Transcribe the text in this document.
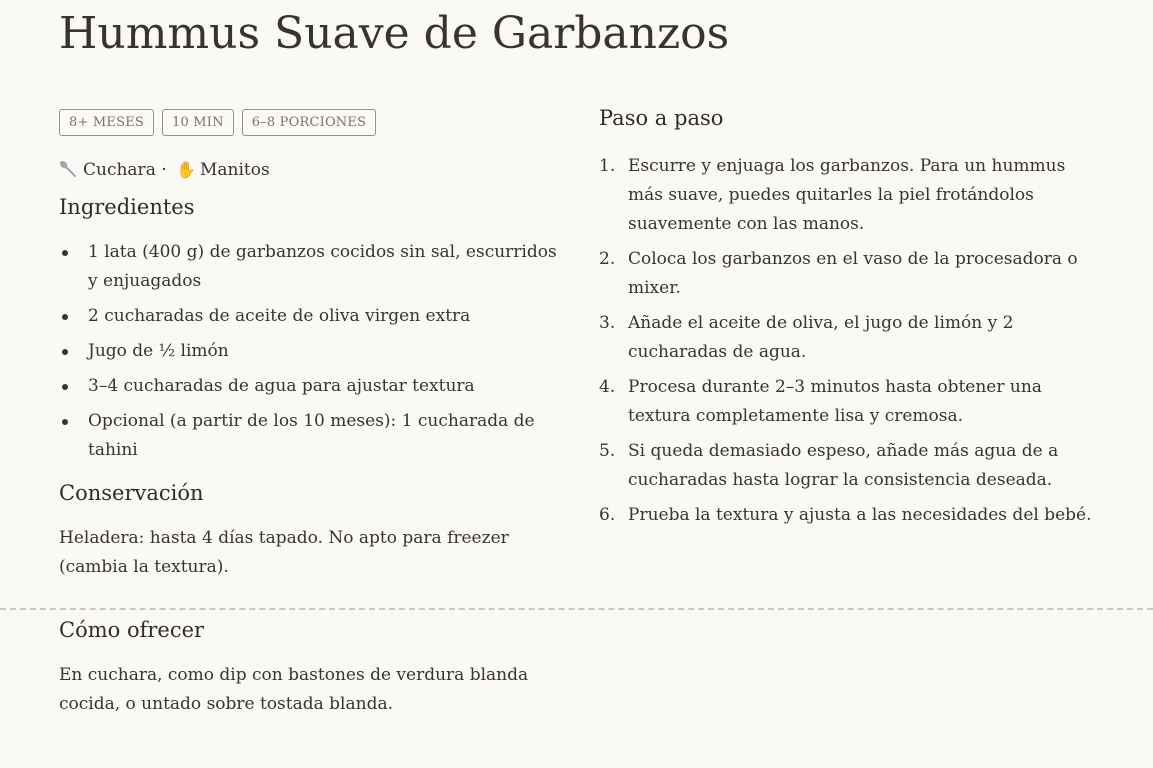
Hummus Suave de Garbanzos
8+ MESES	10 MIN	6–8 PORCIONES
Cuchara · ✋ Manitos
Ingredientes
1 lata (400 g) de garbanzos cocidos sin sal, escurridos y enjuagados
2 cucharadas de aceite de oliva virgen extra
Jugo de ½ limón
3–4 cucharadas de agua para ajustar textura
Opcional (a partir de los 10 meses): 1 cucharada de tahini
Conservación

Heladera: hasta 4 días tapado. No apto para freezer (cambia la textura).

Paso a paso
1. Escurre y enjuaga los garbanzos. Para un hummus más suave, puedes quitarles la piel frotándolos suavemente con las manos.
2. Coloca los garbanzos en el vaso de la procesadora o mixer.
3. Añade el aceite de oliva, el jugo de limón y 2 cucharadas de agua.
4. Procesa durante 2–3 minutos hasta obtener una textura completamente lisa y cremosa.
5. Si queda demasiado espeso, añade más agua de a cucharadas hasta lograr la consistencia deseada.
6. Prueba la textura y ajusta a las necesidades del bebé.
Cómo ofrecer

En cuchara, como dip con bastones de verdura blanda cocida, o untado sobre tostada blanda.
